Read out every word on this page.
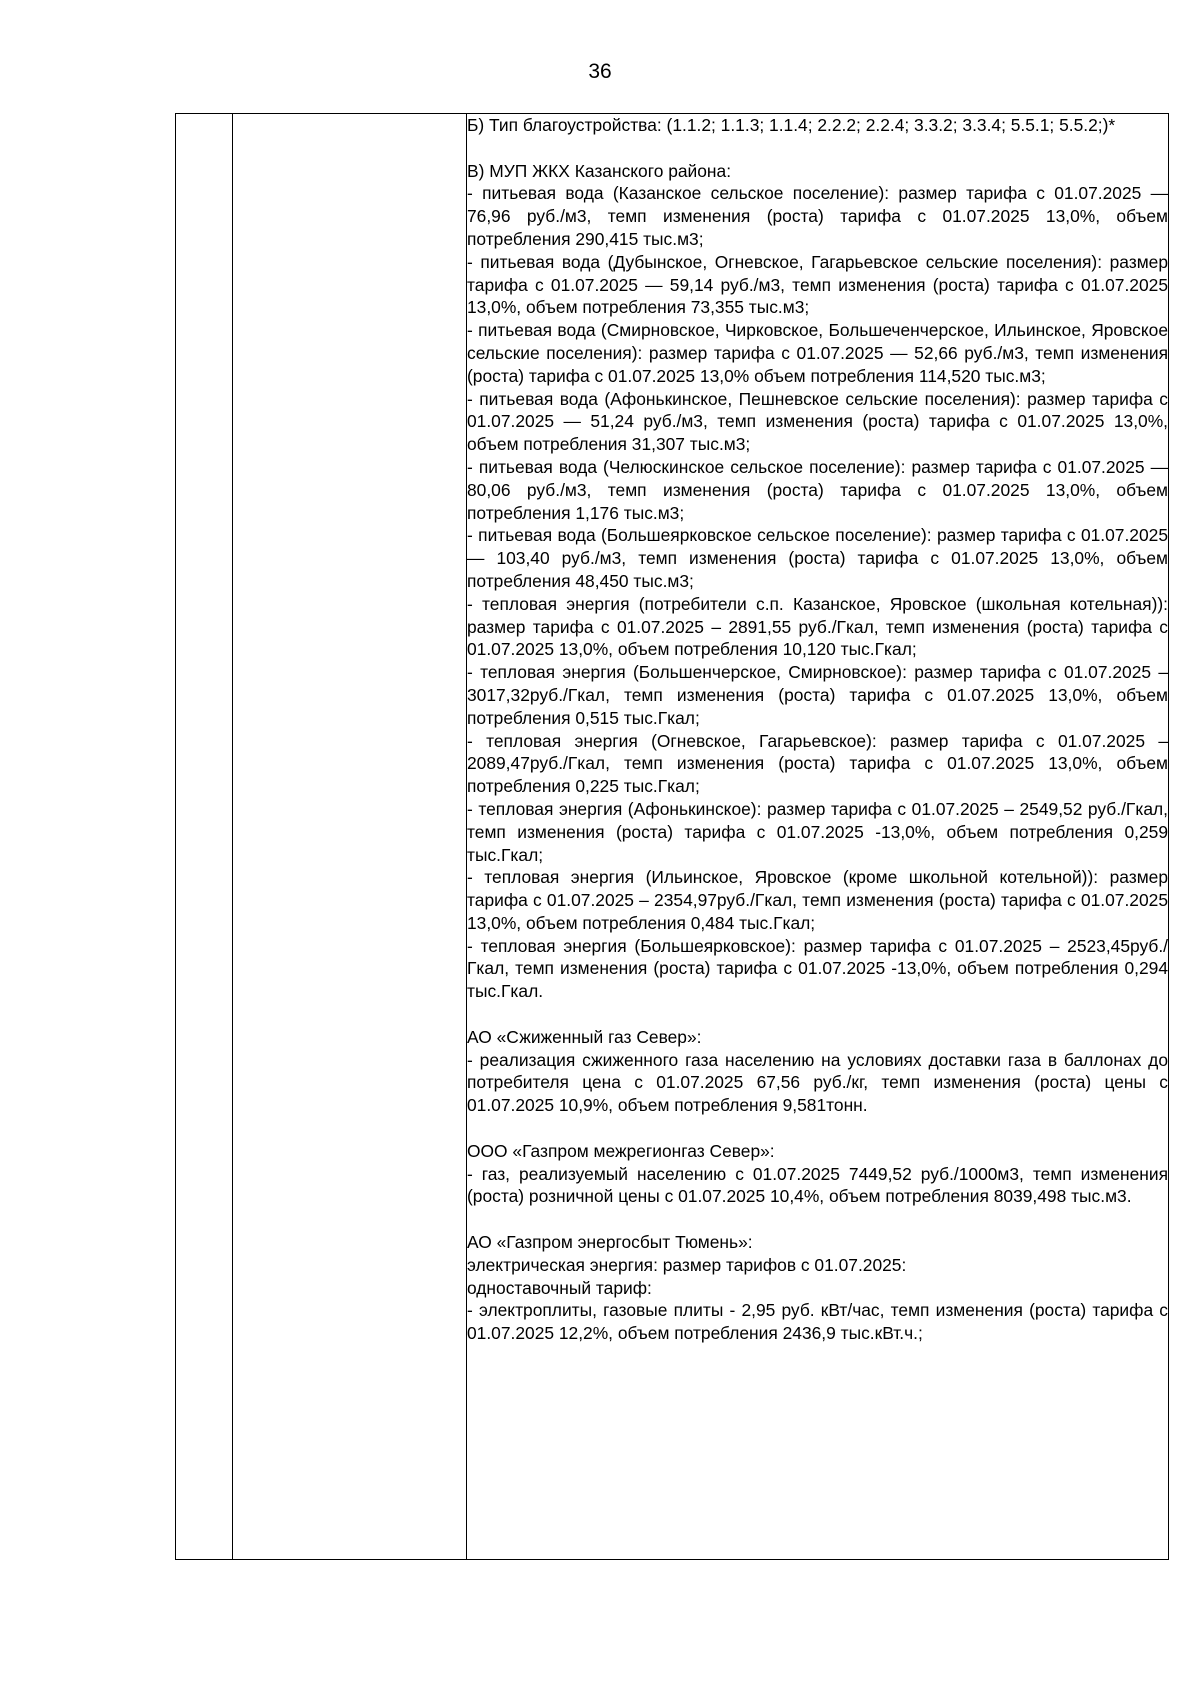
36

Б) Тип благоустройства: (1.1.2; 1.1.3; 1.1.4; 2.2.2; 2.2.4; 3.3.2; 3.3.4; 5.5.1; 5.5.2;)*

В) МУП ЖКХ Казанского района:

- питьевая вода (Казанское сельское поселение): размер тарифа с 01.07.2025 — 76,96 руб./м3, темп изменения (роста) тарифа с 01.07.2025 13,0%, объем потребления 290,415 тыс.м3;

- питьевая вода (Дубынское, Огневское, Гагарьевское сельские поселения): размер тарифа с 01.07.2025 — 59,14 руб./м3, темп изменения (роста) тарифа с 01.07.2025 13,0%, объем потребления 73,355 тыс.м3;

- питьевая вода (Смирновское, Чирковское, Большеченчерское, Ильинское, Яровское сельские поселения): размер тарифа с 01.07.2025 — 52,66 руб./м3, темп изменения (роста) тарифа с 01.07.2025 13,0% объем потребления 114,520 тыс.м3;

- питьевая вода (Афонькинское, Пешневское сельские поселения): размер тарифа с 01.07.2025 — 51,24 руб./м3, темп изменения (роста) тарифа с 01.07.2025 13,0%, объем потребления 31,307 тыс.м3;

- питьевая вода (Челюскинское сельское поселение): размер тарифа с 01.07.2025 — 80,06 руб./м3, темп изменения (роста) тарифа с 01.07.2025 13,0%, объем потребления 1,176 тыс.м3;

- питьевая вода (Большеярковское сельское поселение): размер тарифа с 01.07.2025 — 103,40 руб./м3, темп изменения (роста) тарифа с 01.07.2025 13,0%, объем потребления 48,450 тыс.м3;

- тепловая энергия (потребители с.п. Казанское, Яровское (школьная котельная)): размер тарифа с 01.07.2025 – 2891,55 руб./Гкал, темп изменения (роста) тарифа с 01.07.2025 13,0%, объем потребления 10,120 тыс.Гкал;

- тепловая энергия (Большенчерское, Смирновское): размер тарифа с 01.07.2025 – 3017,32руб./Гкал, темп изменения (роста) тарифа с 01.07.2025 13,0%, объем потребления 0,515 тыс.Гкал;

- тепловая энергия (Огневское, Гагарьевское): размер тарифа с 01.07.2025 – 2089,47руб./Гкал, темп изменения (роста) тарифа с 01.07.2025 13,0%, объем потребления 0,225 тыс.Гкал;

- тепловая энергия (Афонькинское): размер тарифа с 01.07.2025 – 2549,52 руб./Гкал, темп изменения (роста) тарифа с 01.07.2025 -13,0%, объем потребления 0,259 тыс.Гкал;

- тепловая энергия (Ильинское, Яровское (кроме школьной котельной)): размер тарифа с 01.07.2025 – 2354,97руб./Гкал, темп изменения (роста) тарифа с 01.07.2025 13,0%, объем потребления 0,484 тыс.Гкал;

- тепловая энергия (Большеярковское): размер тарифа с 01.07.2025 – 2523,45руб./Гкал, темп изменения (роста) тарифа с 01.07.2025 -13,0%, объем потребления 0,294 тыс.Гкал.

АО «Сжиженный газ Север»:

- реализация сжиженного газа населению на условиях доставки газа в баллонах до потребителя цена с 01.07.2025 67,56 руб./кг, темп изменения (роста) цены с 01.07.2025 10,9%, объем потребления 9,581тонн.

ООО «Газпром межрегионгаз Север»:

- газ, реализуемый населению с 01.07.2025 7449,52 руб./1000м3, темп изменения (роста) розничной цены с 01.07.2025 10,4%, объем потребления 8039,498 тыс.м3.

АО «Газпром энергосбыт Тюмень»:

электрическая энергия: размер тарифов с 01.07.2025:

одноставочный тариф:

- электроплиты, газовые плиты - 2,95 руб. кВт/час, темп изменения (роста) тарифа с 01.07.2025 12,2%, объем потребления 2436,9 тыс.кВт.ч.;
